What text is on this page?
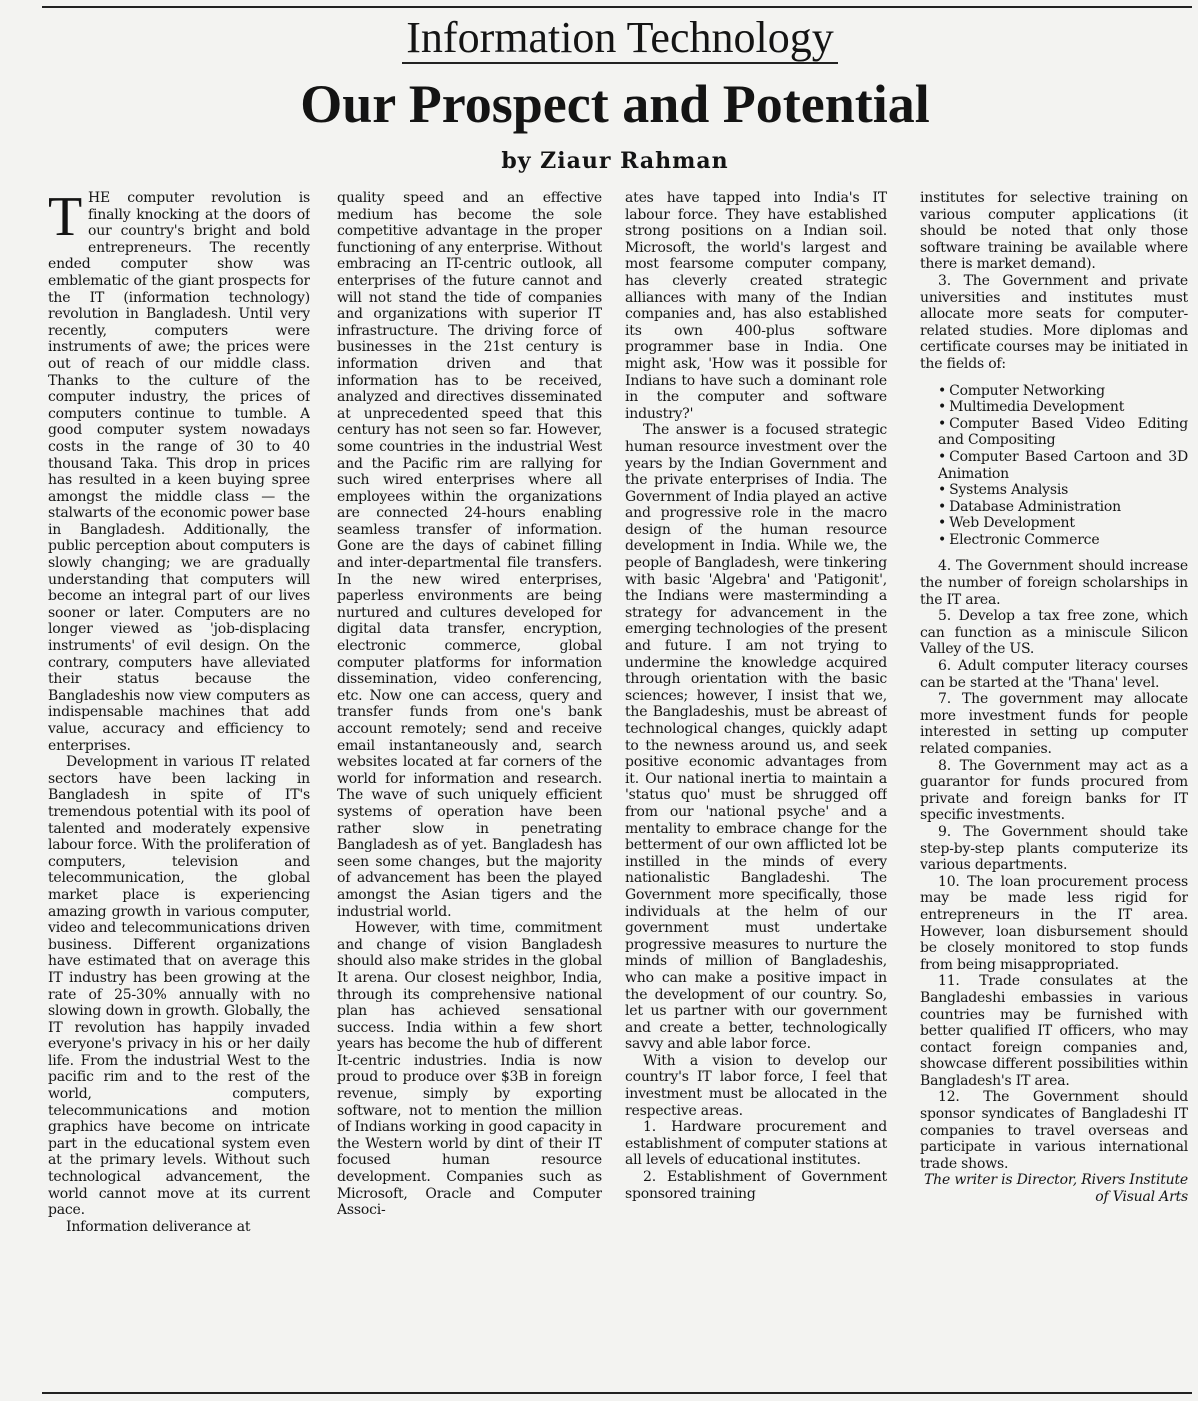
Information Technology
Our Prospect and Potential
by Ziaur Rahman

THE computer revolution is finally knocking at the doors of our country's bright and bold entrepreneurs. The recently ended computer show was emblematic of the giant prospects for the IT (information technology) revolution in Bangladesh. Until very recently, computers were instruments of awe; the prices were out of reach of our middle class. Thanks to the culture of the computer industry, the prices of computers continue to tumble. A good computer system nowadays costs in the range of 30 to 40 thousand Taka. This drop in prices has resulted in a keen buying spree amongst the middle class — the stalwarts of the economic power base in Bangladesh. Additionally, the public perception about computers is slowly changing; we are gradually understanding that computers will become an integral part of our lives sooner or later. Computers are no longer viewed as 'job-displacing instruments' of evil design. On the contrary, computers have alleviated their status because the Bangladeshis now view computers as indispensable machines that add value, accuracy and efficiency to enterprises.

Development in various IT related sectors have been lacking in Bangladesh in spite of IT's tremendous potential with its pool of talented and moderately expensive labour force. With the proliferation of computers, television and telecommunication, the global market place is experiencing amazing growth in various computer, video and telecommunications driven business. Different organizations have estimated that on average this IT industry has been growing at the rate of 25-30% annually with no slowing down in growth. Globally, the IT revolution has happily invaded everyone's privacy in his or her daily life. From the industrial West to the pacific rim and to the rest of the world, computers, telecommunications and motion graphics have become on intricate part in the educational system even at the primary levels. Without such technological advancement, the world cannot move at its current pace.

Information deliverance at

quality speed and an effective medium has become the sole competitive advantage in the proper functioning of any enterprise. Without embracing an IT-centric outlook, all enterprises of the future cannot and will not stand the tide of companies and organizations with superior IT infrastructure. The driving force of businesses in the 21st century is information driven and that information has to be received, analyzed and directives disseminated at unprecedented speed that this century has not seen so far. However, some countries in the industrial West and the Pacific rim are rallying for such wired enterprises where all employees within the organizations are connected 24-hours enabling seamless transfer of information. Gone are the days of cabinet filling and inter-departmental file transfers. In the new wired enterprises, paperless environments are being nurtured and cultures developed for digital data transfer, encryption, electronic commerce, global computer platforms for information dissemination, video conferencing, etc. Now one can access, query and transfer funds from one's bank account remotely; send and receive email instantaneously and, search websites located at far corners of the world for information and research. The wave of such uniquely efficient systems of operation have been rather slow in penetrating Bangladesh as of yet. Bangladesh has seen some changes, but the majority of advancement has been the played amongst the Asian tigers and the industrial world.

However, with time, commitment and change of vision Bangladesh should also make strides in the global It arena. Our closest neighbor, India, through its comprehensive national plan has achieved sensational success. India within a few short years has become the hub of different It-centric industries. India is now proud to produce over $3B in foreign revenue, simply by exporting software, not to mention the million of Indians working in good capacity in the Western world by dint of their IT focused human resource development. Companies such as Microsoft, Oracle and Computer Associ-

ates have tapped into India's IT labour force. They have established strong positions on a Indian soil. Microsoft, the world's largest and most fearsome computer company, has cleverly created strategic alliances with many of the Indian companies and, has also established its own 400-plus software programmer base in India. One might ask, 'How was it possible for Indians to have such a dominant role in the computer and software industry?'

The answer is a focused strategic human resource investment over the years by the Indian Government and the private enterprises of India. The Government of India played an active and progressive role in the macro design of the human resource development in India. While we, the people of Bangladesh, were tinkering with basic 'Algebra' and 'Patigonit', the Indians were masterminding a strategy for advancement in the emerging technologies of the present and future. I am not trying to undermine the knowledge acquired through orientation with the basic sciences; however, I insist that we, the Bangladeshis, must be abreast of technological changes, quickly adapt to the newness around us, and seek positive economic advantages from it. Our national inertia to maintain a 'status quo' must be shrugged off from our 'national psyche' and a mentality to embrace change for the betterment of our own afflicted lot be instilled in the minds of every nationalistic Bangladeshi. The Government more specifically, those individuals at the helm of our government must undertake progressive measures to nurture the minds of million of Bangladeshis, who can make a positive impact in the development of our country. So, let us partner with our government and create a better, technologically savvy and able labor force.

With a vision to develop our country's IT labor force, I feel that investment must be allocated in the respective areas.

1. Hardware procurement and establishment of computer stations at all levels of educational institutes.

2. Establishment of Government sponsored training

institutes for selective training on various computer applications (it should be noted that only those software training be available where there is market demand).

3. The Government and private universities and institutes must allocate more seats for computer-related studies. More diplomas and certificate courses may be initiated in the fields of:

• Computer Networking
• Multimedia Development
• Computer Based Video Editing and Compositing
• Computer Based Cartoon and 3D Animation
• Systems Analysis
• Database Administration
• Web Development
• Electronic Commerce

4. The Government should increase the number of foreign scholarships in the IT area.

5. Develop a tax free zone, which can function as a miniscule Silicon Valley of the US.

6. Adult computer literacy courses can be started at the 'Thana' level.

7. The government may allocate more investment funds for people interested in setting up computer related companies.

8. The Government may act as a guarantor for funds procured from private and foreign banks for IT specific investments.

9. The Government should take step-by-step plants computerize its various departments.

10. The loan procurement process may be made less rigid for entrepreneurs in the IT area. However, loan disbursement should be closely monitored to stop funds from being misappropriated.

11. Trade consulates at the Bangladeshi embassies in various countries may be furnished with better qualified IT officers, who may contact foreign companies and, showcase different possibilities within Bangladesh's IT area.

12. The Government should sponsor syndicates of Bangladeshi IT companies to travel overseas and participate in various international trade shows.

The writer is Director, Rivers Institute of Visual Arts
